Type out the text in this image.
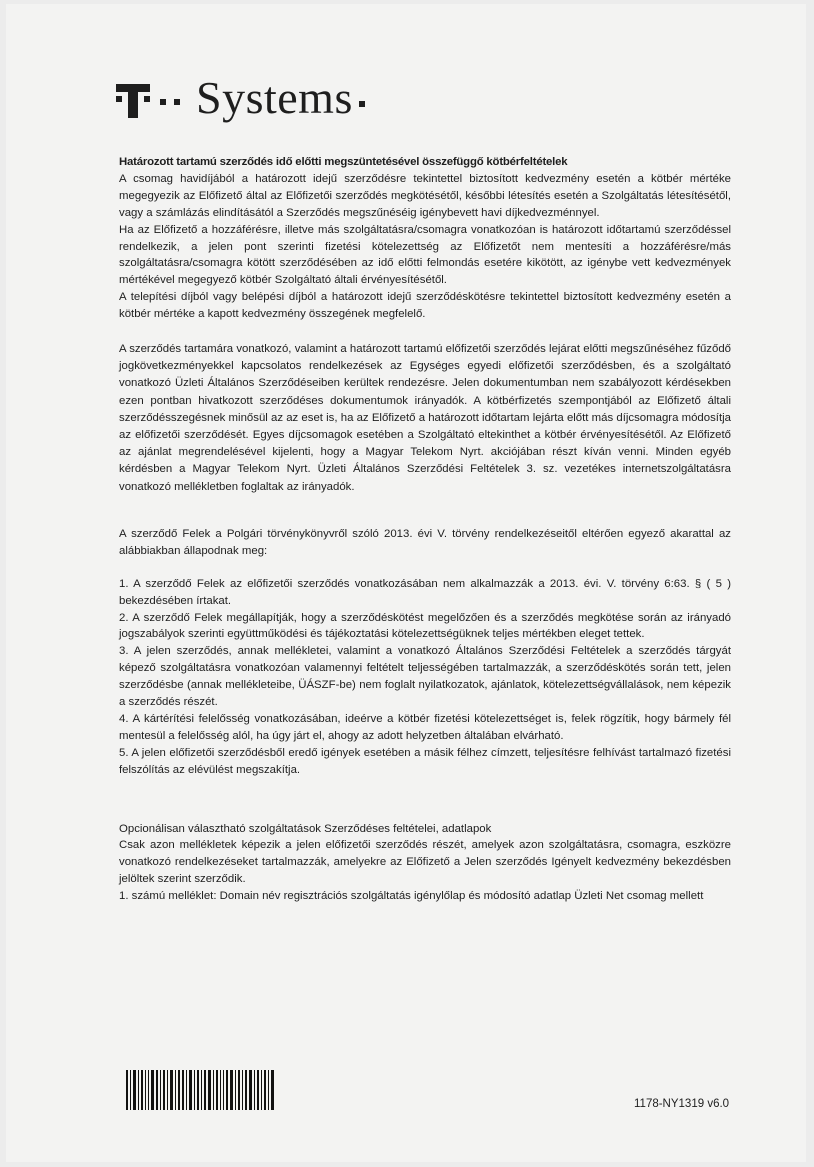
Systems

Határozott tartamú szerződés idő előtti megszüntetésével összefüggő kötbérfeltételek

A csomag havidíjából a határozott idejű szerződésre tekintettel biztosított kedvezmény esetén a kötbér mértéke megegyezik az Előfizető által az Előfizetői szerződés megkötésétől, későbbi létesítés esetén a Szolgáltatás létesítésétől, vagy a számlázás elindításától a Szerződés megszűnéséig igénybevett havi díjkedvezménnyel.

Ha az Előfizető a hozzáférésre, illetve más szolgáltatásra/csomagra vonatkozóan is határozott időtartamú szerződéssel rendelkezik, a jelen pont szerinti fizetési kötelezettség az Előfizetőt nem mentesíti a hozzáférésre/más szolgáltatásra/csomagra kötött szerződésében az idő előtti felmondás esetére kikötött, az igénybe vett kedvezmények mértékével megegyező kötbér Szolgáltató általi érvényesítésétől.

A telepítési díjból vagy belépési díjból a határozott idejű szerződéskötésre tekintettel biztosított kedvezmény esetén a kötbér mértéke a kapott kedvezmény összegének megfelelő.

A szerződés tartamára vonatkozó, valamint a határozott tartamú előfizetői szerződés lejárat előtti megszűnéséhez fűződő jogkövetkezményekkel kapcsolatos rendelkezések az Egységes egyedi előfizetői szerződésben, és a szolgáltató vonatkozó Üzleti Általános Szerződéseiben kerültek rendezésre. Jelen dokumentumban nem szabályozott kérdésekben ezen pontban hivatkozott szerződéses dokumentumok irányadók. A kötbérfizetés szempontjából az Előfizető általi szerződésszegésnek minősül az az eset is, ha az Előfizető a határozott időtartam lejárta előtt más díjcsomagra módosítja az előfizetői szerződését. Egyes díjcsomagok esetében a Szolgáltató eltekinthet a kötbér érvényesítésétől. Az Előfizető az ajánlat megrendelésével kijelenti, hogy a Magyar Telekom Nyrt. akciójában részt kíván venni. Minden egyéb kérdésben a Magyar Telekom Nyrt. Üzleti Általános Szerződési Feltételek 3. sz. vezetékes internetszolgáltatásra vonatkozó mellékletben foglaltak az irányadók.

A szerződő Felek a Polgári törvénykönyvről szóló 2013. évi V. törvény rendelkezéseitől eltérően egyező akarattal az alábbiakban állapodnak meg:

1. A szerződő Felek az előfizetői szerződés vonatkozásában nem alkalmazzák a 2013. évi. V. törvény 6:63. § ( 5 ) bekezdésében írtakat.

2. A szerződő Felek megállapítják, hogy a szerződéskötést megelőzően és a szerződés megkötése során az irányadó jogszabályok szerinti együttműködési és tájékoztatási kötelezettségüknek teljes mértékben eleget tettek.

3. A jelen szerződés, annak mellékletei, valamint a vonatkozó Általános Szerződési Feltételek a szerződés tárgyát képező szolgáltatásra vonatkozóan valamennyi feltételt teljességében tartalmazzák, a szerződéskötés során tett, jelen szerződésbe (annak mellékleteibe, ÜÁSZF-be) nem foglalt nyilatkozatok, ajánlatok, kötelezettségvállalások, nem képezik a szerződés részét.

4. A kártérítési felelősség vonatkozásában, ideérve a kötbér fizetési kötelezettséget is, felek rögzítik, hogy bármely fél mentesül a felelősség alól, ha úgy járt el, ahogy az adott helyzetben általában elvárható.

5. A jelen előfizetői szerződésből eredő igények esetében a másik félhez címzett, teljesítésre felhívást tartalmazó fizetési felszólítás az elévülést megszakítja.

Opcionálisan választható szolgáltatások Szerződéses feltételei, adatlapok

Csak azon mellékletek képezik a jelen előfizetői szerződés részét, amelyek azon szolgáltatásra, csomagra, eszközre vonatkozó rendelkezéseket tartalmazzák, amelyekre az Előfizető a Jelen szerződés Igényelt kedvezmény bekezdésben jelöltek szerint szerződik.

1. számú melléklet: Domain név regisztrációs szolgáltatás igénylőlap és módosító adatlap Üzleti Net csomag mellett

1178-NY1319 v6.0
